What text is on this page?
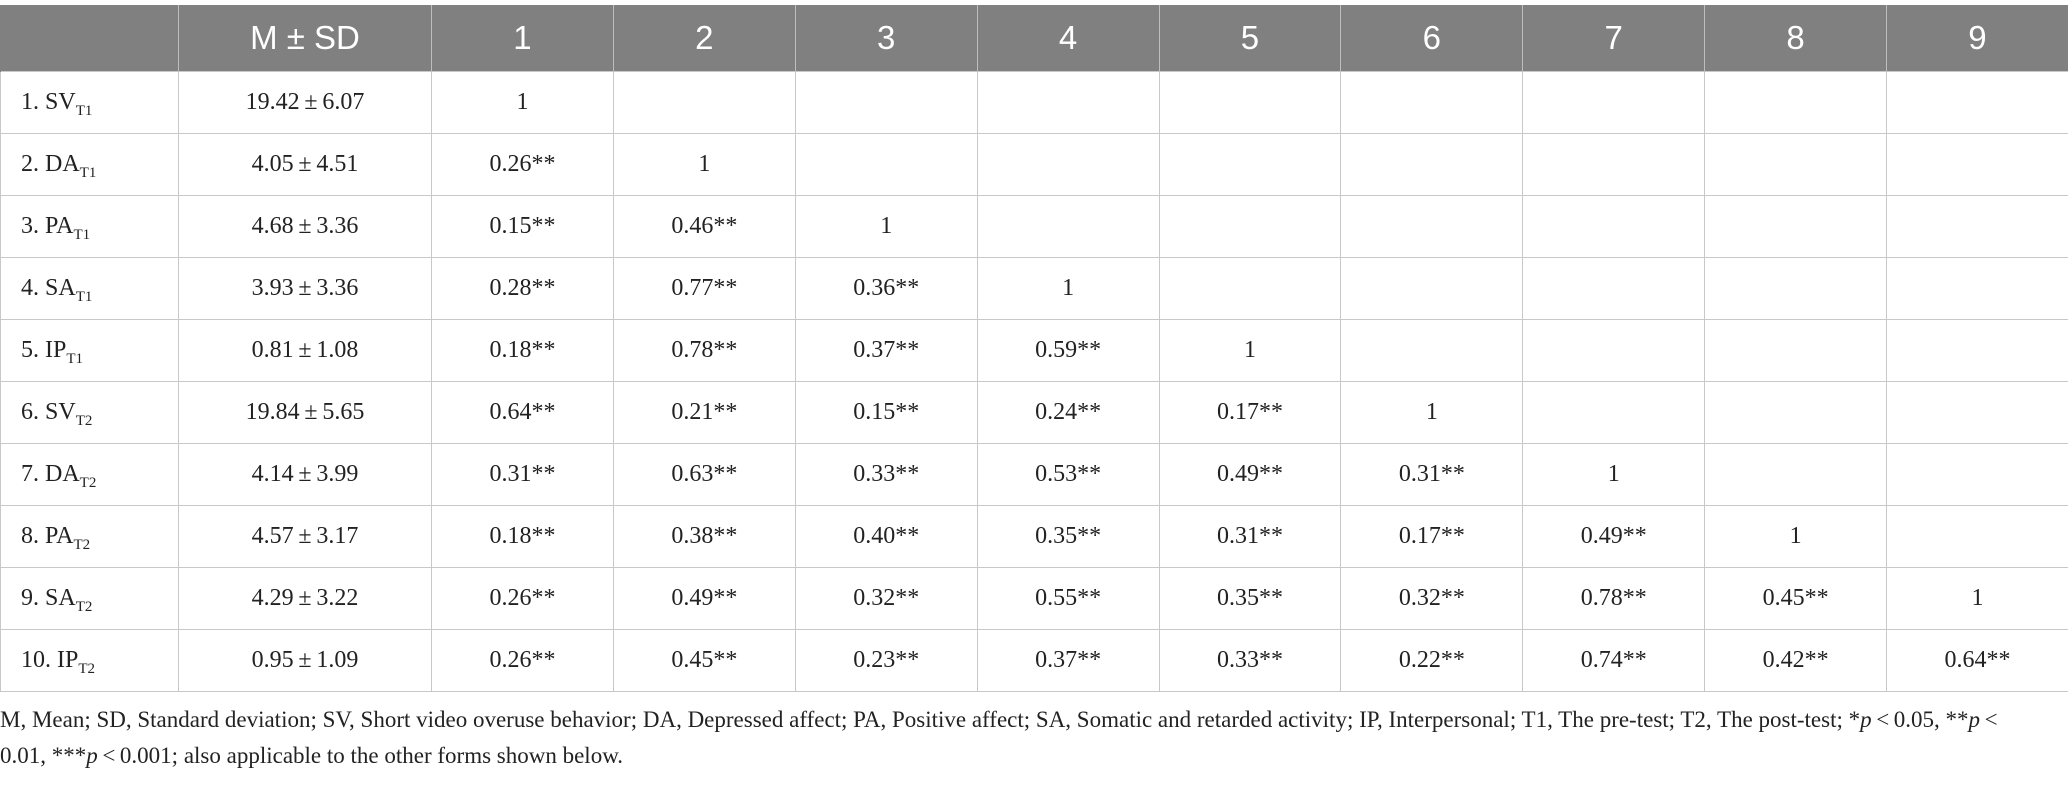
	M ± SD	1	2	3	4	5	6	7	8	9
1. $SV_{T1}$	19.42 ± 6.07	1								
2. $DA_{T1}$	4.05 ± 4.51	0.26**	1							
3. $PA_{T1}$	4.68 ± 3.36	0.15**	0.46**	1						
4. $SA_{T1}$	3.93 ± 3.36	0.28**	0.77**	0.36**	1					
5. $IP_{T1}$	0.81 ± 1.08	0.18**	0.78**	0.37**	0.59**	1				
6. $SV_{T2}$	19.84 ± 5.65	0.64**	0.21**	0.15**	0.24**	0.17**	1			
7. $DA_{T2}$	4.14 ± 3.99	0.31**	0.63**	0.33**	0.53**	0.49**	0.31**	1		
8. $PA_{T2}$	4.57 ± 3.17	0.18**	0.38**	0.40**	0.35**	0.31**	0.17**	0.49**	1	
9. $SA_{T2}$	4.29 ± 3.22	0.26**	0.49**	0.32**	0.55**	0.35**	0.32**	0.78**	0.45**	1
10. $IP_{T2}$	0.95 ± 1.09	0.26**	0.45**	0.23**	0.37**	0.33**	0.22**	0.74**	0.42**	0.64**
M, Mean; SD, Standard deviation; SV, Short video overuse behavior; DA, Depressed affect; PA, Positive affect; SA, Somatic and retarded activity; IP, Interpersonal; T1, The pre-test; T2, The post-test; *p < 0.05, **p < 0.01, ***p < 0.001; also applicable to the other forms shown below.
